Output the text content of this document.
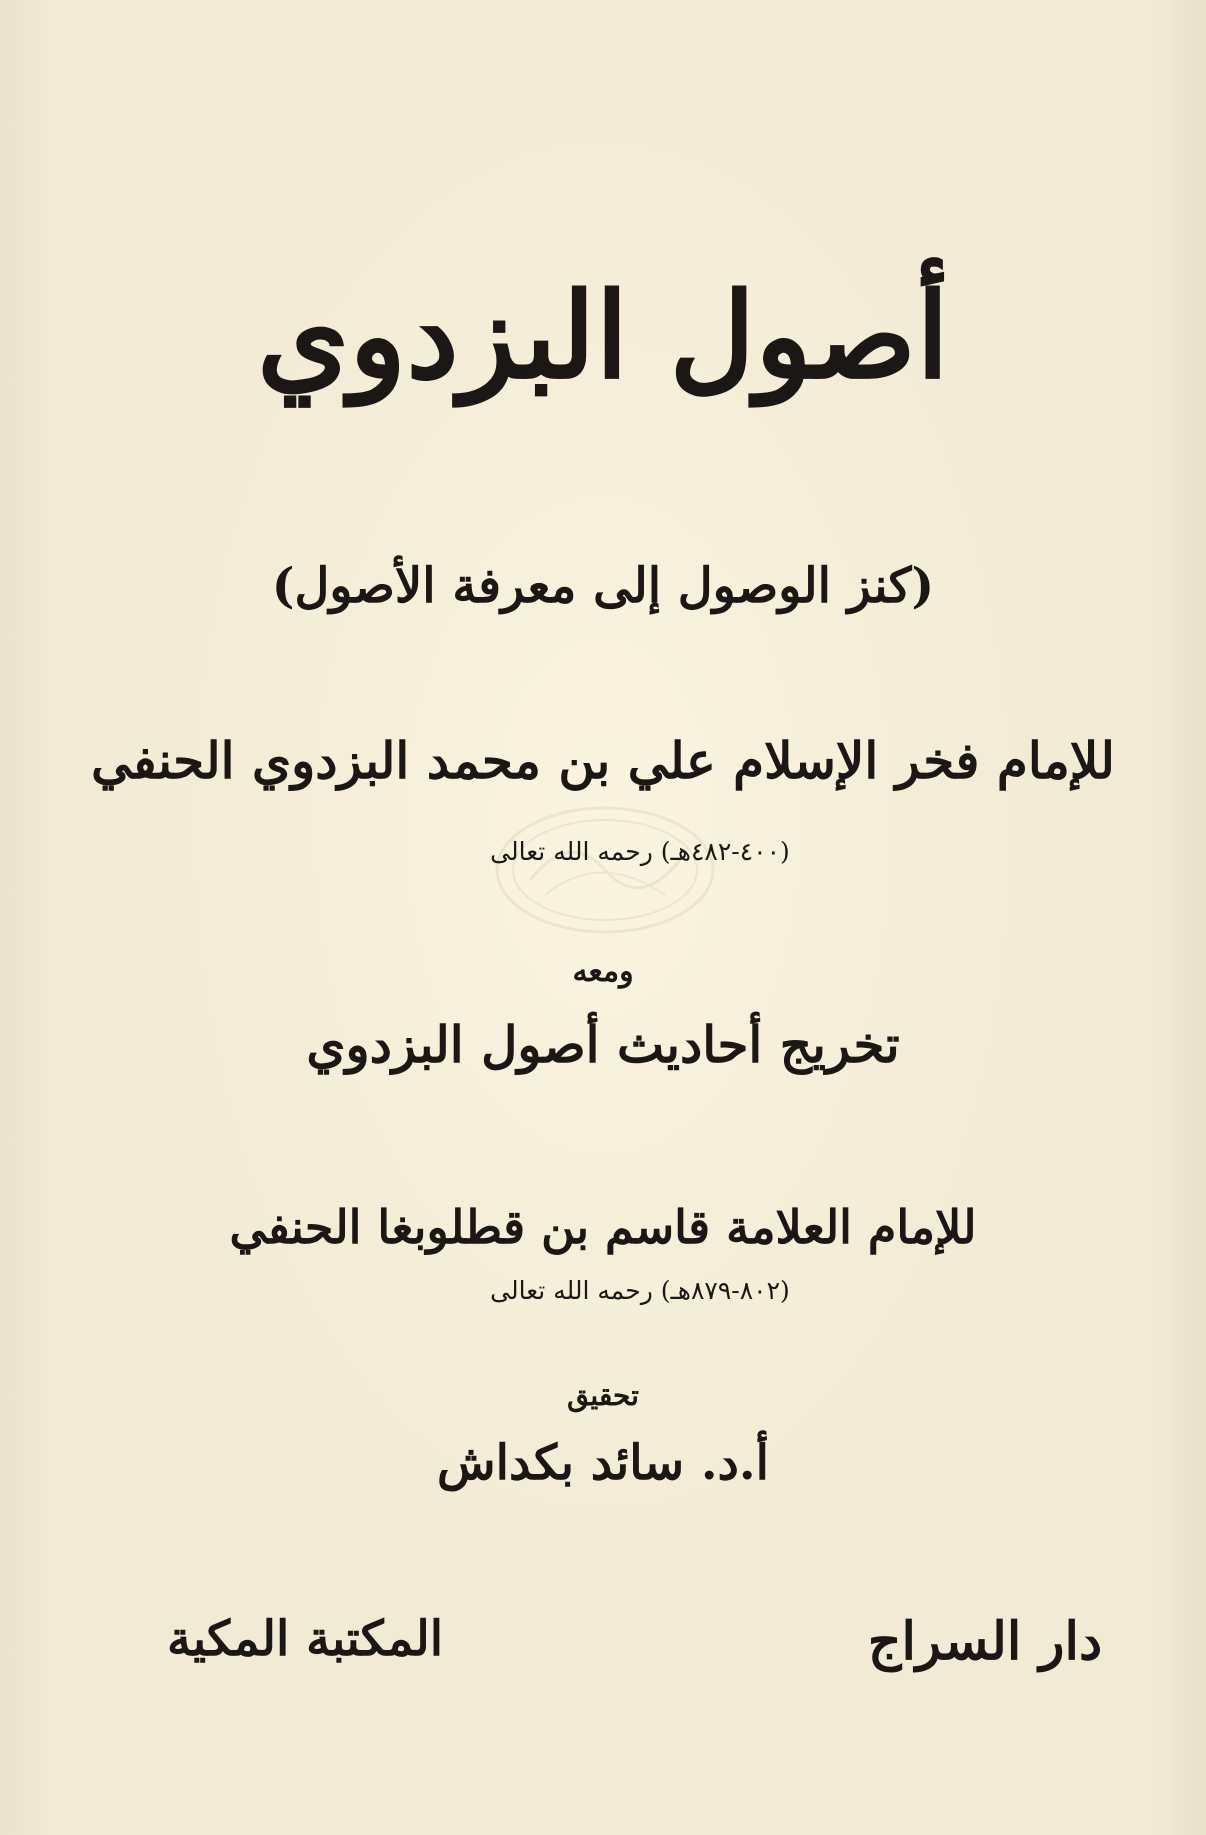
أصول البزدوي
(كنز الوصول إلى معرفة الأصول)
للإمام فخر الإسلام علي بن محمد البزدوي الحنفي
(٤٠٠-٤٨٢هـ) رحمه الله تعالى
ومعه
تخريج أحاديث أصول البزدوي
للإمام العلامة قاسم بن قطلوبغا الحنفي
(٨٠٢-٨٧٩هـ) رحمه الله تعالى
تحقيق
أ.د. سائد بكداش
المكتبة المكية	دار السراج
